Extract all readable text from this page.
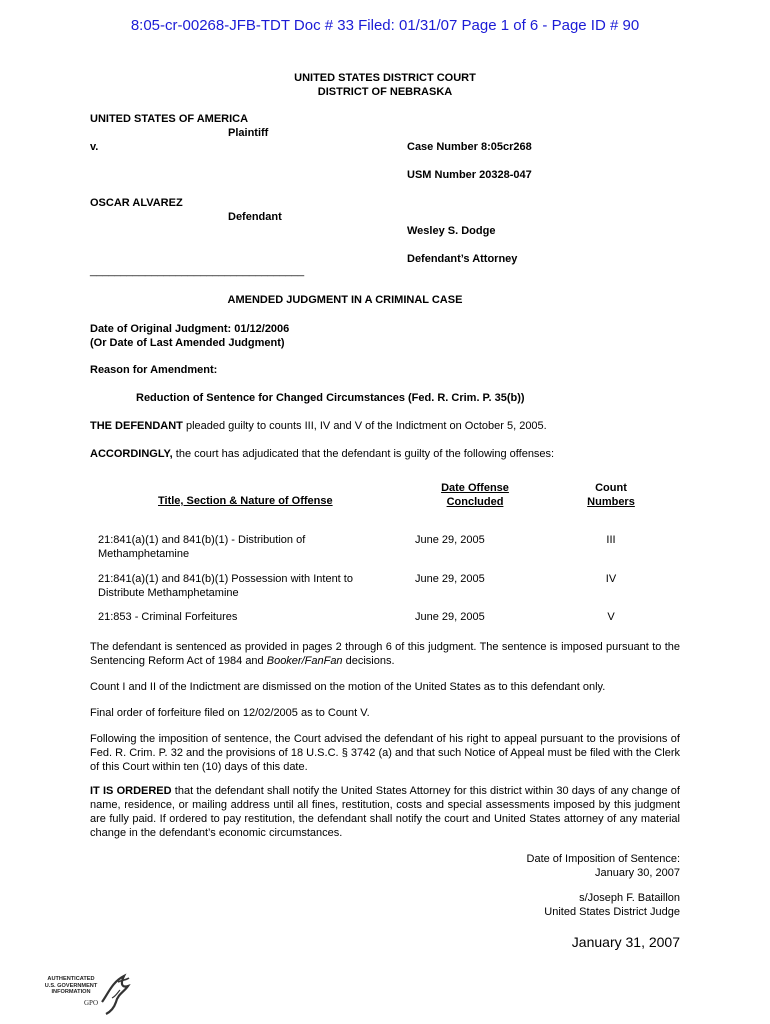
8:05-cr-00268-JFB-TDT Doc # 33 Filed: 01/31/07 Page 1 of 6 - Page ID # 90
UNITED STATES DISTRICT COURT
DISTRICT OF NEBRASKA
UNITED STATES OF AMERICA
Plaintiff
v.	Case Number 8:05cr268
USM Number 20328-047
OSCAR ALVAREZ
Defendant
Wesley S. Dodge
Defendant’s Attorney
___________________________________
AMENDED JUDGMENT IN A CRIMINAL CASE
Date of Original Judgment: 01/12/2006
(Or Date of Last Amended Judgment)
Reason for Amendment:
Reduction of Sentence for Changed Circumstances (Fed. R. Crim. P. 35(b))
THE DEFENDANT pleaded guilty to counts III, IV and V of the Indictment on October 5, 2005.
ACCORDINGLY, the court has adjudicated that the defendant is guilty of the following offenses:
Title, Section & Nature of Offense
Date Offense
Concluded
Count
Numbers
21:841(a)(1) and 841(b)(1) - Distribution of
Methamphetamine
June 29, 2005	III
21:841(a)(1) and 841(b)(1) Possession with Intent to
Distribute Methamphetamine
June 29, 2005	IV
21:853 - Criminal Forfeitures	June 29, 2005	V
The defendant is sentenced as provided in pages 2 through 6 of this judgment. The sentence is imposed pursuant to the Sentencing Reform Act of 1984 and Booker/FanFan decisions.
Count I and II of the Indictment are dismissed on the motion of the United States as to this defendant only.
Final order of forfeiture filed on 12/02/2005 as to Count V.
Following the imposition of sentence, the Court advised the defendant of his right to appeal pursuant to the provisions of Fed. R. Crim. P. 32 and the provisions of 18 U.S.C. § 3742 (a) and that such Notice of Appeal must be filed with the Clerk of this Court within ten (10) days of this date.
IT IS ORDERED that the defendant shall notify the United States Attorney for this district within 30 days of any change of name, residence, or mailing address until all fines, restitution, costs and special assessments imposed by this judgment are fully paid. If ordered to pay restitution, the defendant shall notify the court and United States attorney of any material change in the defendant’s economic circumstances.
Date of Imposition of Sentence:
January 30, 2007
s/Joseph F. Bataillon
United States District Judge
January 31, 2007
AUTHENTICATED
U.S. GOVERNMENT
INFORMATION
GPO
